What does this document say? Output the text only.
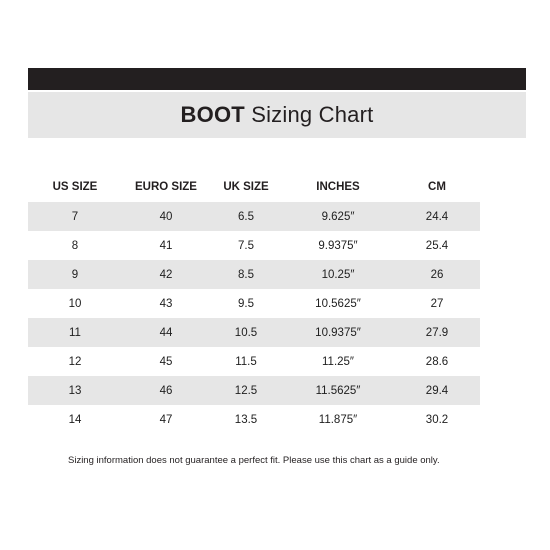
BOOT Sizing Chart
US SIZE	EURO SIZE	UK SIZE	INCHES	CM
7	40	6.5	9.625″	24.4
8	41	7.5	9.9375″	25.4
9	42	8.5	10.25″	26
10	43	9.5	10.5625″	27
11	44	10.5	10.9375″	27.9
12	45	11.5	11.25″	28.6
13	46	12.5	11.5625″	29.4
14	47	13.5	11.875″	30.2
Sizing information does not guarantee a perfect fit. Please use this chart as a guide only.
